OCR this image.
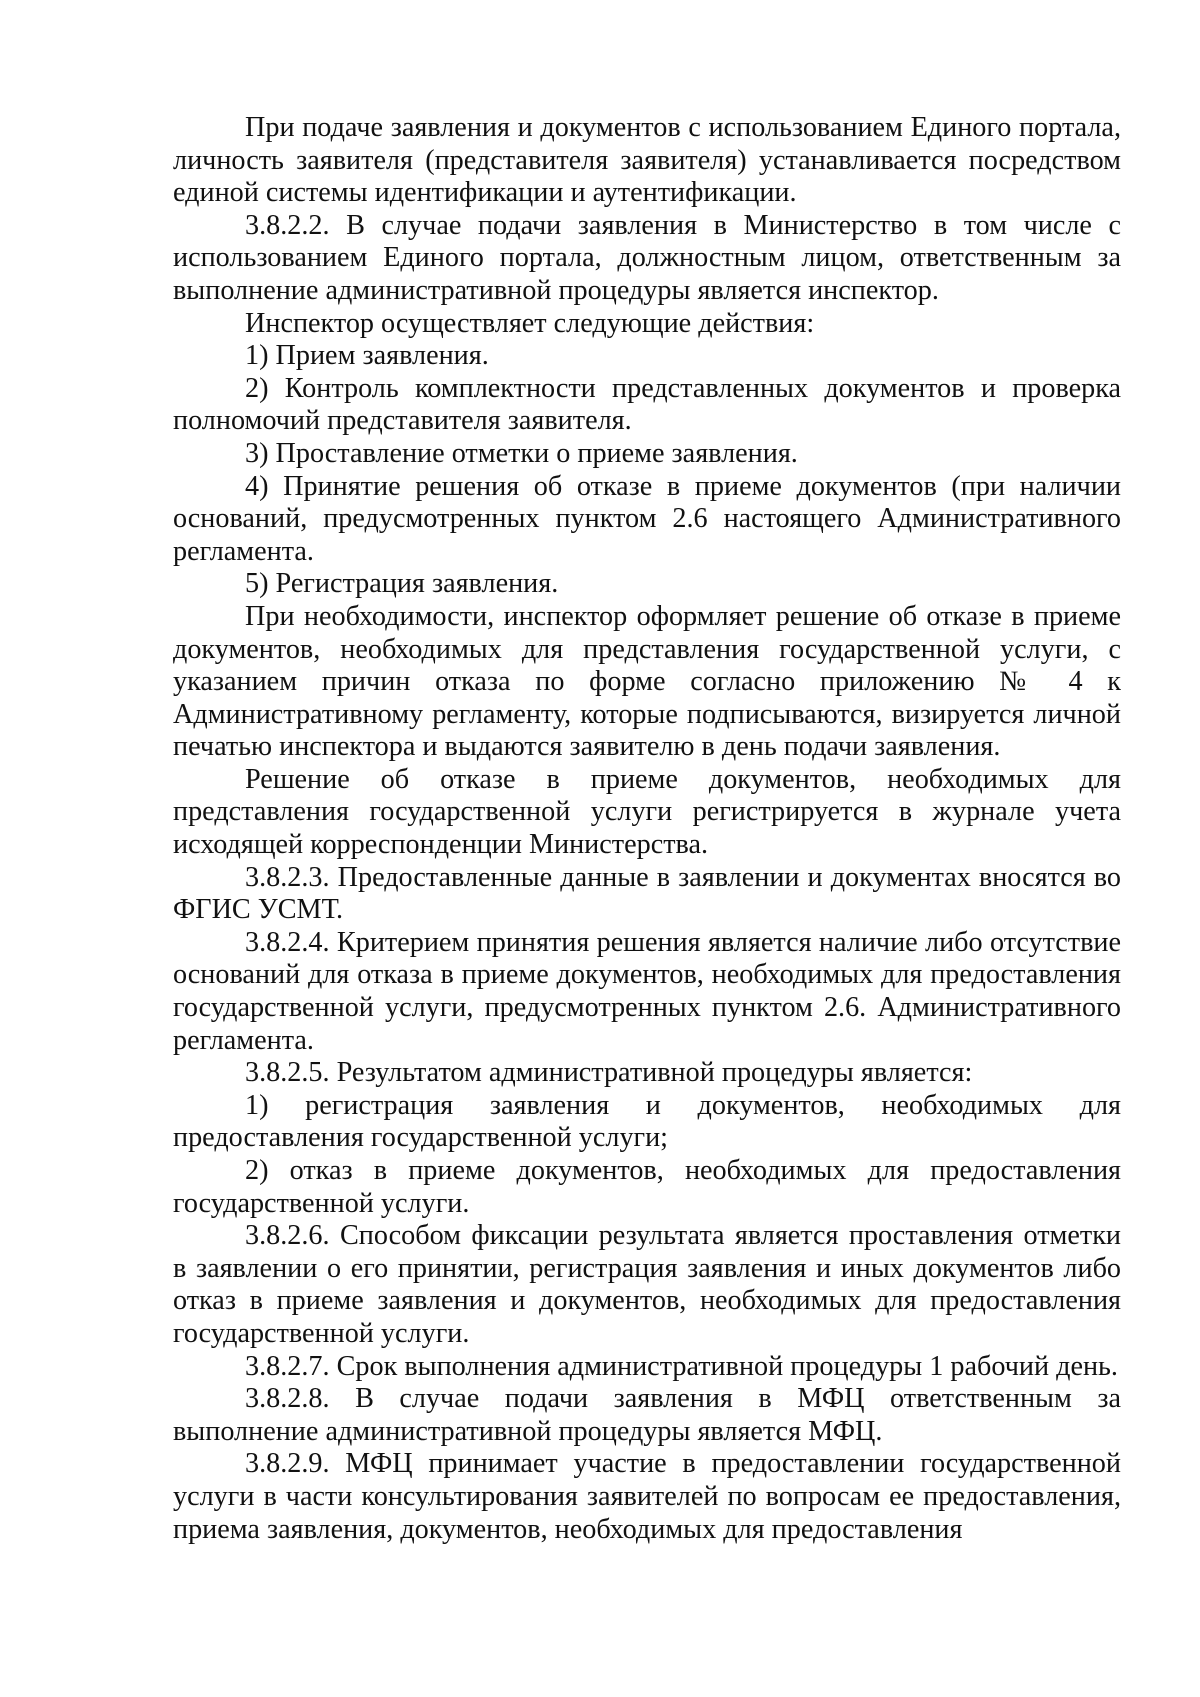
При подаче заявления и документов с использованием Единого портала, личность заявителя (представителя заявителя) устанавливается посредством единой системы идентификации и аутентификации.

3.8.2.2. В случае подачи заявления в Министерство в том числе с использованием Единого портала, должностным лицом, ответственным за выполнение административной процедуры является инспектор.

Инспектор осуществляет следующие действия:

1) Прием заявления.

2) Контроль комплектности представленных документов и проверка полномочий представителя заявителя.

3) Проставление отметки о приеме заявления.

4) Принятие решения об отказе в приеме документов (при наличии оснований, предусмотренных пунктом 2.6 настоящего Административного регламента.

5) Регистрация заявления.

При необходимости, инспектор оформляет решение об отказе в приеме документов, необходимых для представления государственной услуги, с указанием причин отказа по форме согласно приложению № 4 к Административному регламенту, которые подписываются, визируется личной печатью инспектора и выдаются заявителю в день подачи заявления.

Решение об отказе в приеме документов, необходимых для представления государственной услуги регистрируется в журнале учета исходящей корреспонденции Министерства.

3.8.2.3. Предоставленные данные в заявлении и документах вносятся во ФГИС УСМТ.

3.8.2.4. Критерием принятия решения является наличие либо отсутствие оснований для отказа в приеме документов, необходимых для предоставления государственной услуги, предусмотренных пунктом 2.6. Административного регламента.

3.8.2.5. Результатом административной процедуры является:

1) регистрация заявления и документов, необходимых для предоставления государственной услуги;

2) отказ в приеме документов, необходимых для предоставления государственной услуги.

3.8.2.6. Способом фиксации результата является проставления отметки в заявлении о его принятии, регистрация заявления и иных документов либо отказ в приеме заявления и документов, необходимых для предоставления государственной услуги.

3.8.2.7. Срок выполнения административной процедуры 1 рабочий день.

3.8.2.8. В случае подачи заявления в МФЦ ответственным за выполнение административной процедуры является МФЦ.

3.8.2.9. МФЦ принимает участие в предоставлении государственной услуги в части консультирования заявителей по вопросам ее предоставления, приема заявления, документов, необходимых для предоставления
